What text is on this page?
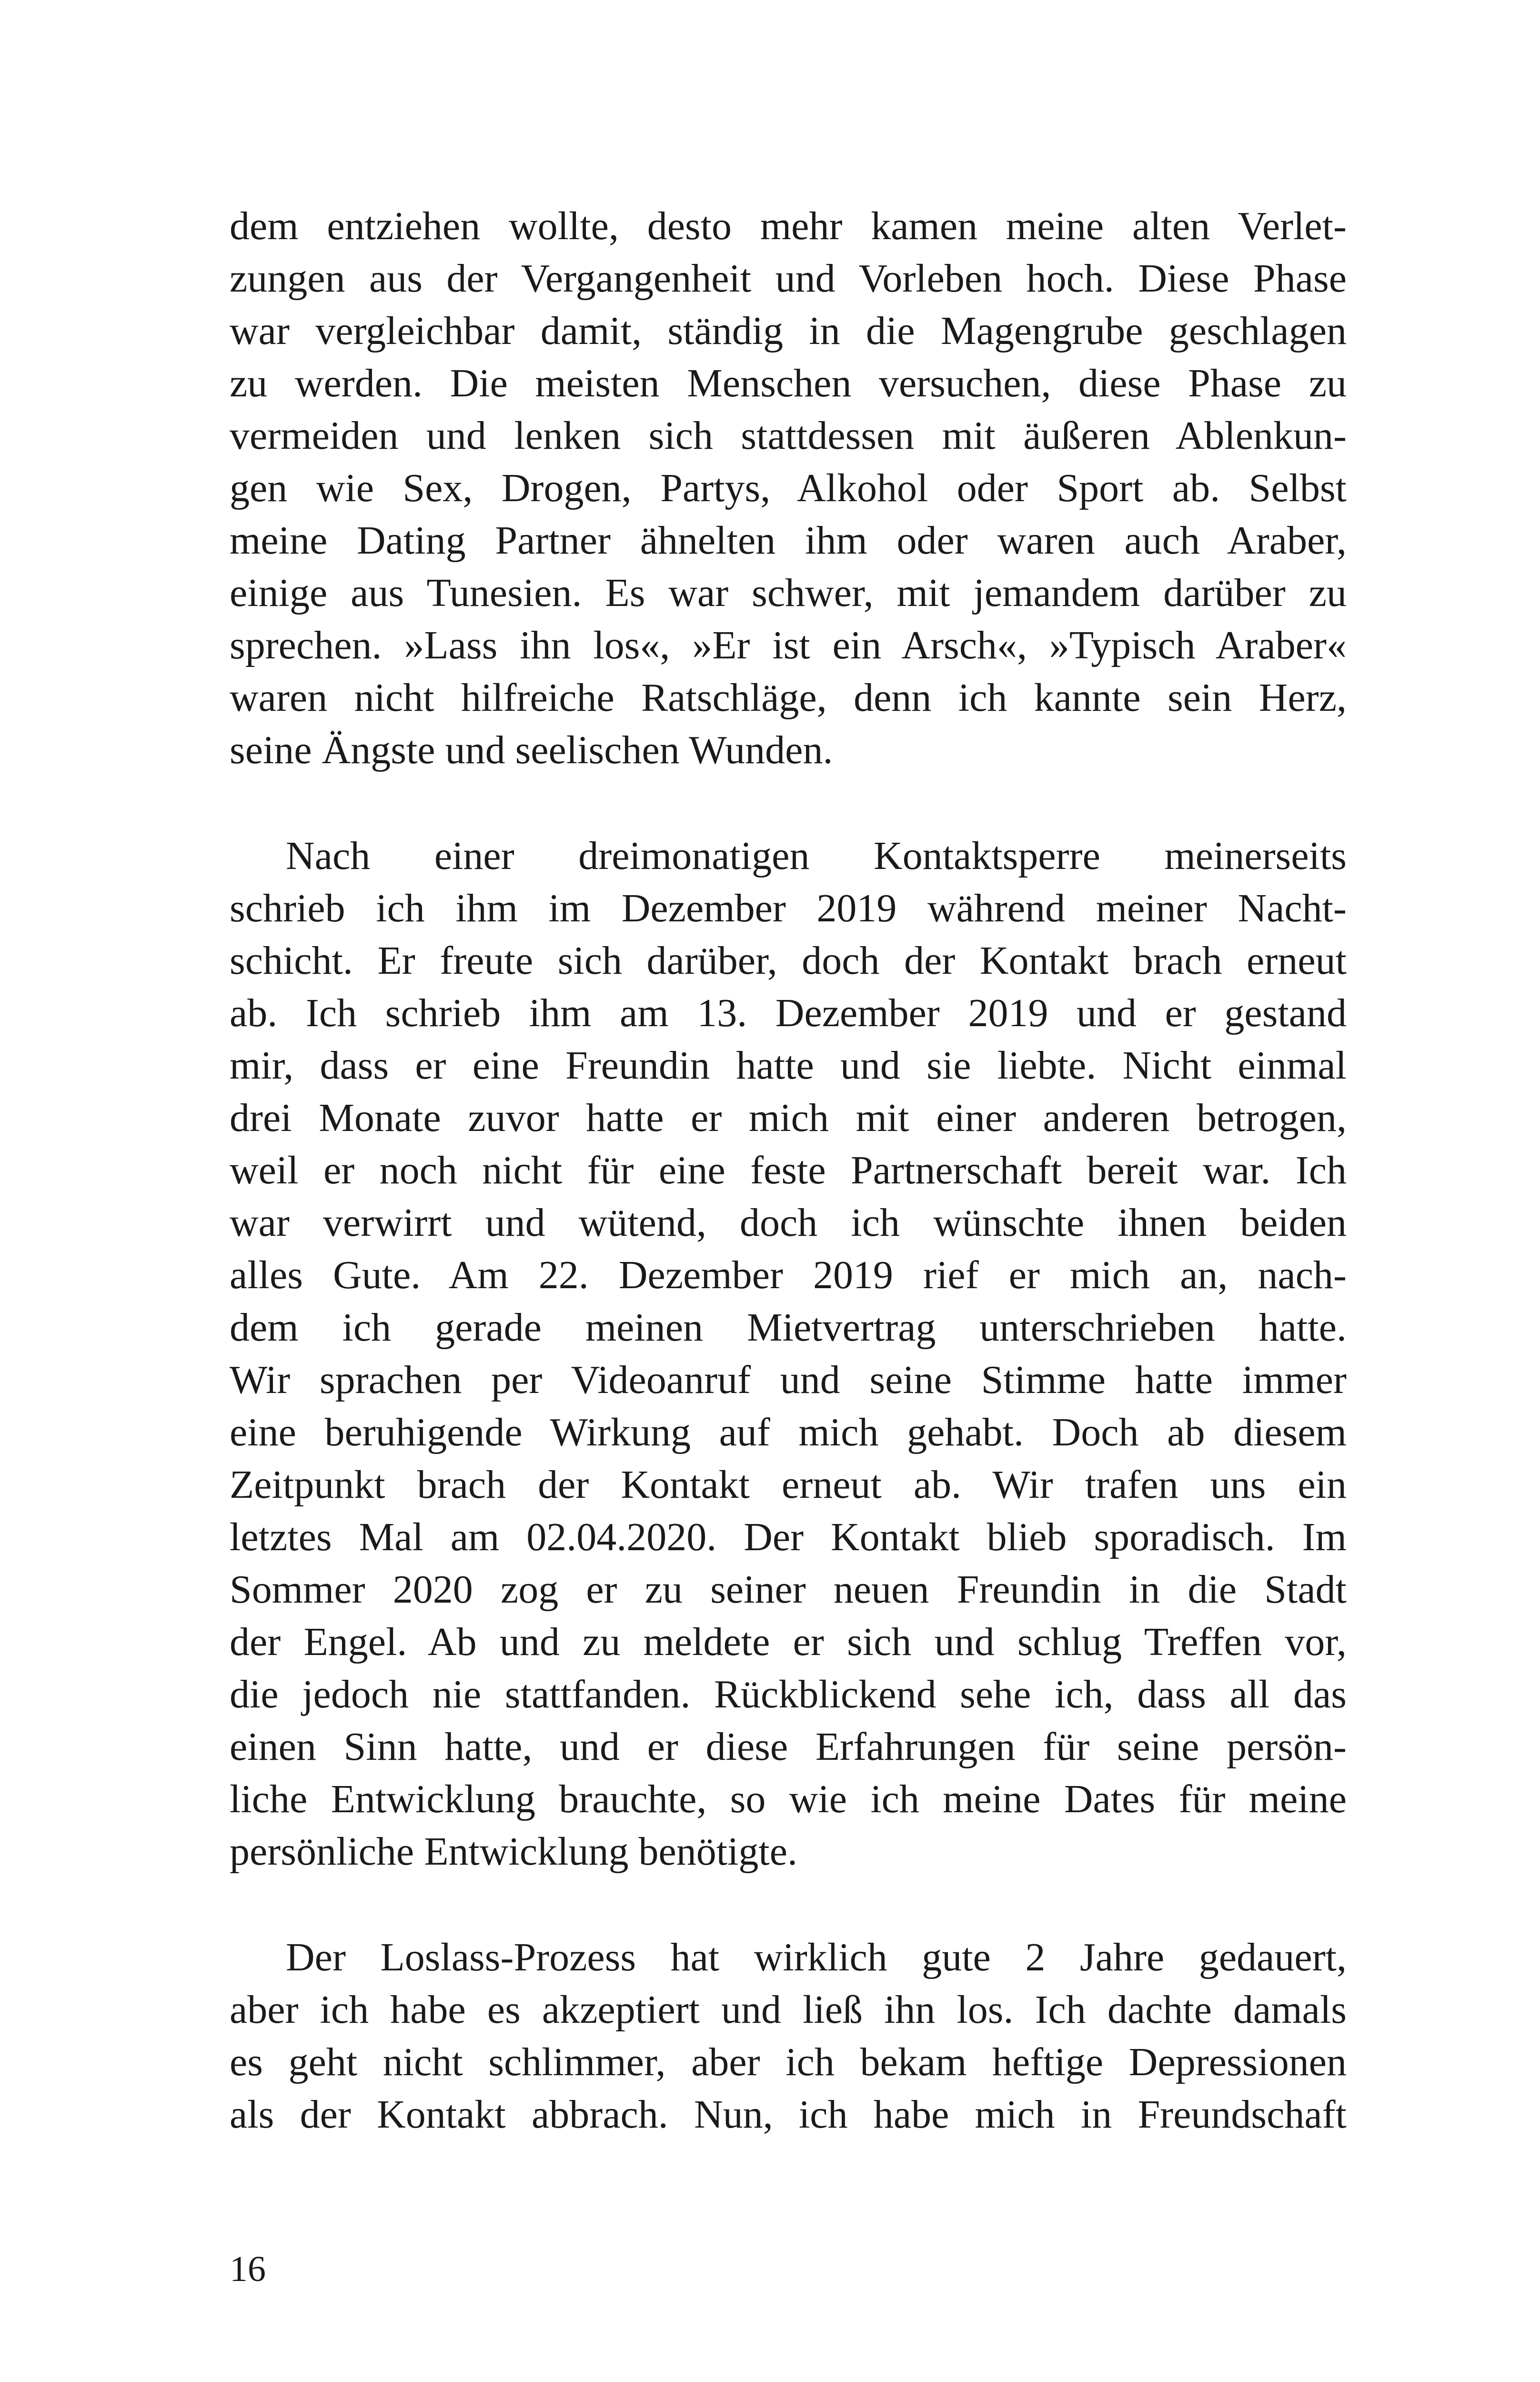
dem entziehen wollte, desto mehr kamen meine alten Verlet-
zungen aus der Vergangenheit und Vorleben hoch. Diese Phase
war vergleichbar damit, ständig in die Magengrube geschlagen
zu werden. Die meisten Menschen versuchen, diese Phase zu
vermeiden und lenken sich stattdessen mit äußeren Ablenkun-
gen wie Sex, Drogen, Partys, Alkohol oder Sport ab. Selbst
meine Dating Partner ähnelten ihm oder waren auch Araber,
einige aus Tunesien. Es war schwer, mit jemandem darüber zu
sprechen. »Lass ihn los«, »Er ist ein Arsch«, »Typisch Araber«
waren nicht hilfreiche Ratschläge, denn ich kannte sein Herz,
seine Ängste und seelischen Wunden.
Nach einer dreimonatigen Kontaktsperre meinerseits
schrieb ich ihm im Dezember 2019 während meiner Nacht-
schicht. Er freute sich darüber, doch der Kontakt brach erneut
ab. Ich schrieb ihm am 13. Dezember 2019 und er gestand
mir, dass er eine Freundin hatte und sie liebte. Nicht einmal
drei Monate zuvor hatte er mich mit einer anderen betrogen,
weil er noch nicht für eine feste Partnerschaft bereit war. Ich
war verwirrt und wütend, doch ich wünschte ihnen beiden
alles Gute. Am 22. Dezember 2019 rief er mich an, nach-
dem ich gerade meinen Mietvertrag unterschrieben hatte.
Wir sprachen per Videoanruf und seine Stimme hatte immer
eine beruhigende Wirkung auf mich gehabt. Doch ab diesem
Zeitpunkt brach der Kontakt erneut ab. Wir trafen uns ein
letztes Mal am 02.04.2020. Der Kontakt blieb sporadisch. Im
Sommer 2020 zog er zu seiner neuen Freundin in die Stadt
der Engel. Ab und zu meldete er sich und schlug Treffen vor,
die jedoch nie stattfanden. Rückblickend sehe ich, dass all das
einen Sinn hatte, und er diese Erfahrungen für seine persön-
liche Entwicklung brauchte, so wie ich meine Dates für meine
persönliche Entwicklung benötigte.
Der Loslass-Prozess hat wirklich gute 2 Jahre gedauert,
aber ich habe es akzeptiert und ließ ihn los. Ich dachte damals
es geht nicht schlimmer, aber ich bekam heftige Depressionen
als der Kontakt abbrach. Nun, ich habe mich in Freundschaft
16
